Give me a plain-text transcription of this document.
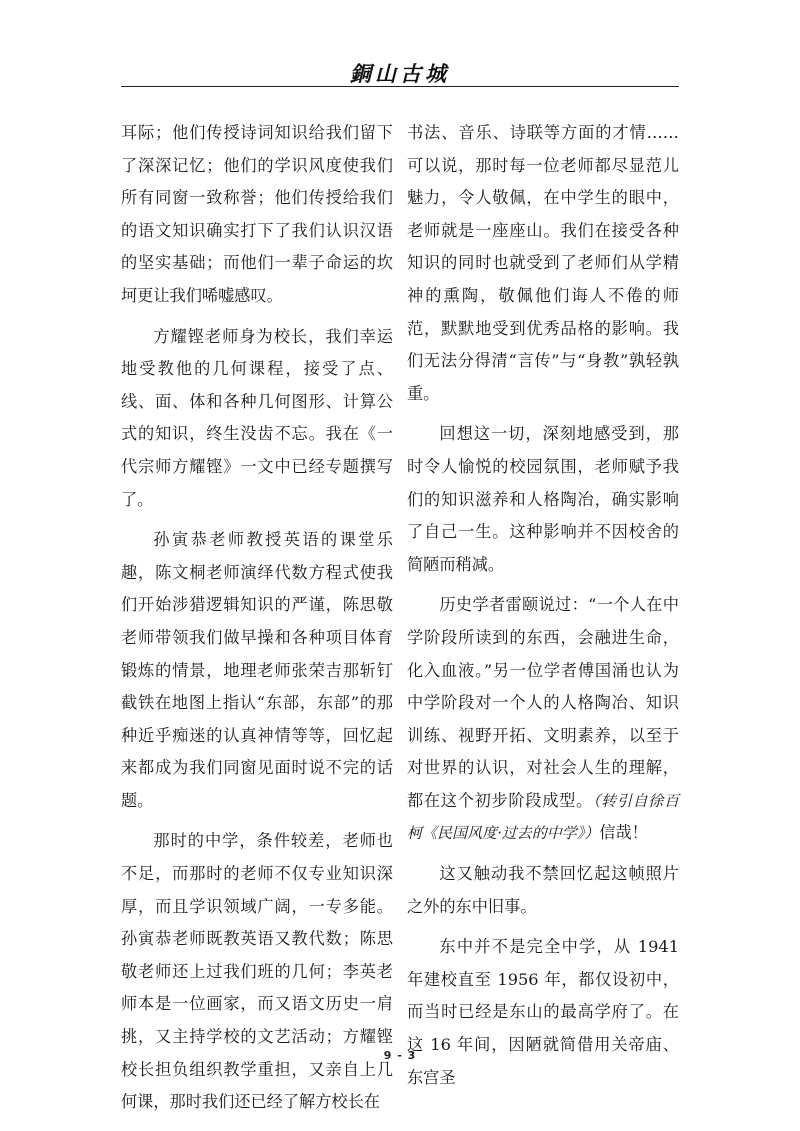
銅山古城

耳际；他们传授诗词知识给我们留下了深深记忆；他们的学识风度使我们所有同窗一致称誉；他们传授给我们的语文知识确实打下了我们认识汉语的坚实基础；而他们一辈子命运的坎坷更让我们唏嘘感叹。

方耀铿老师身为校长，我们幸运地受教他的几何课程，接受了点、线、面、体和各种几何图形、计算公式的知识，终生没齿不忘。我在《一代宗师方耀铿》一文中已经专题撰写了。

孙寅恭老师教授英语的课堂乐趣，陈文桐老师演绎代数方程式使我们开始涉猎逻辑知识的严谨，陈思敬老师带领我们做早操和各种项目体育锻炼的情景，地理老师张荣吉那斩钉截铁在地图上指认“东部，东部”的那种近乎痴迷的认真神情等等，回忆起来都成为我们同窗见面时说不完的话题。

那时的中学，条件较差，老师也不足，而那时的老师不仅专业知识深厚，而且学识领域广阔，一专多能。孙寅恭老师既教英语又教代数；陈思敬老师还上过我们班的几何；李英老师本是一位画家，而又语文历史一肩挑，又主持学校的文艺活动；方耀铿校长担负组织教学重担，又亲自上几何课，那时我们还已经了解方校长在

书法、音乐、诗联等方面的才情……可以说，那时每一位老师都尽显范儿魅力，令人敬佩，在中学生的眼中，老师就是一座座山。我们在接受各种知识的同时也就受到了老师们从学精神的熏陶，敬佩他们诲人不倦的师范，默默地受到优秀品格的影响。我们无法分得清“言传”与“身教”孰轻孰重。

回想这一切，深刻地感受到，那时令人愉悦的校园氛围，老师赋予我们的知识滋养和人格陶冶，确实影响了自己一生。这种影响并不因校舍的简陋而稍减。

历史学者雷颐说过：“一个人在中学阶段所读到的东西，会融进生命，化入血液。”另一位学者傅国涌也认为中学阶段对一个人的人格陶冶、知识训练、视野开拓、文明素养，以至于对世界的认识，对社会人生的理解，都在这个初步阶段成型。（转引自徐百柯《民国风度·过去的中学》）信哉！

这又触动我不禁回忆起这帧照片之外的东中旧事。

东中并不是完全中学，从 1941 年建校直至 1956 年，都仅设初中，而当时已经是东山的最高学府了。在这 16 年间，因陋就简借用关帝庙、东宫圣

9 - 3
